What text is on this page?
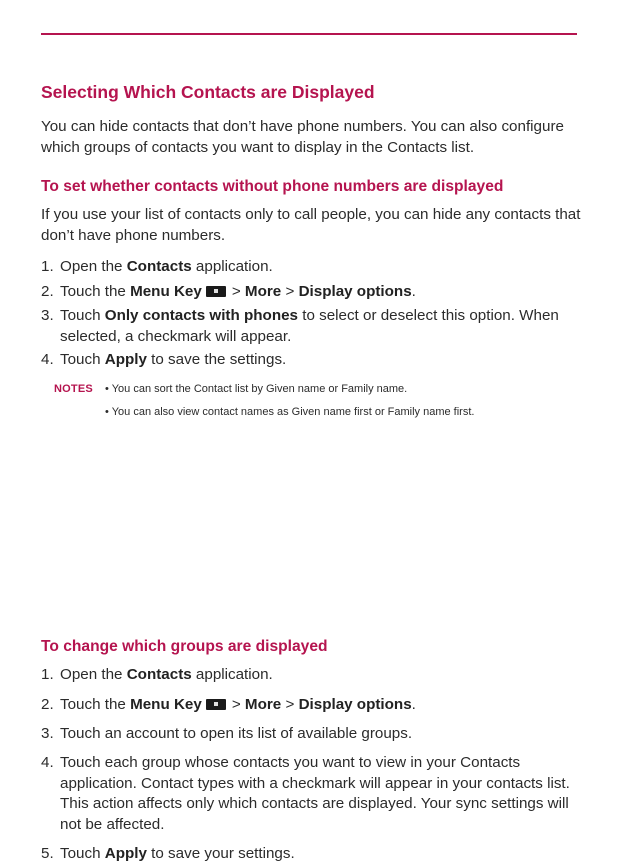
Selecting Which Contacts are Displayed

You can hide contacts that don’t have phone numbers. You can also configure which groups of contacts you want to display in the Contacts list.

To set whether contacts without phone numbers are displayed

If you use your list of contacts only to call people, you can hide any contacts that don’t have phone numbers.

1. Open the Contacts application.
2. Touch the Menu Key > More > Display options.
3. Touch Only contacts with phones to select or deselect this option. When selected, a checkmark will appear.
4. Touch Apply to save the settings.
NOTES • You can sort the Contact list by Given name or Family name.
• You can also view contact names as Given name first or Family name first.
To change which groups are displayed
1. Open the Contacts application.
2. Touch the Menu Key > More > Display options.
3. Touch an account to open its list of available groups.
4. Touch each group whose contacts you want to view in your Contacts application. Contact types with a checkmark will appear in your contacts list. This action affects only which contacts are displayed. Your sync settings will not be affected.
5. Touch Apply to save your settings.
